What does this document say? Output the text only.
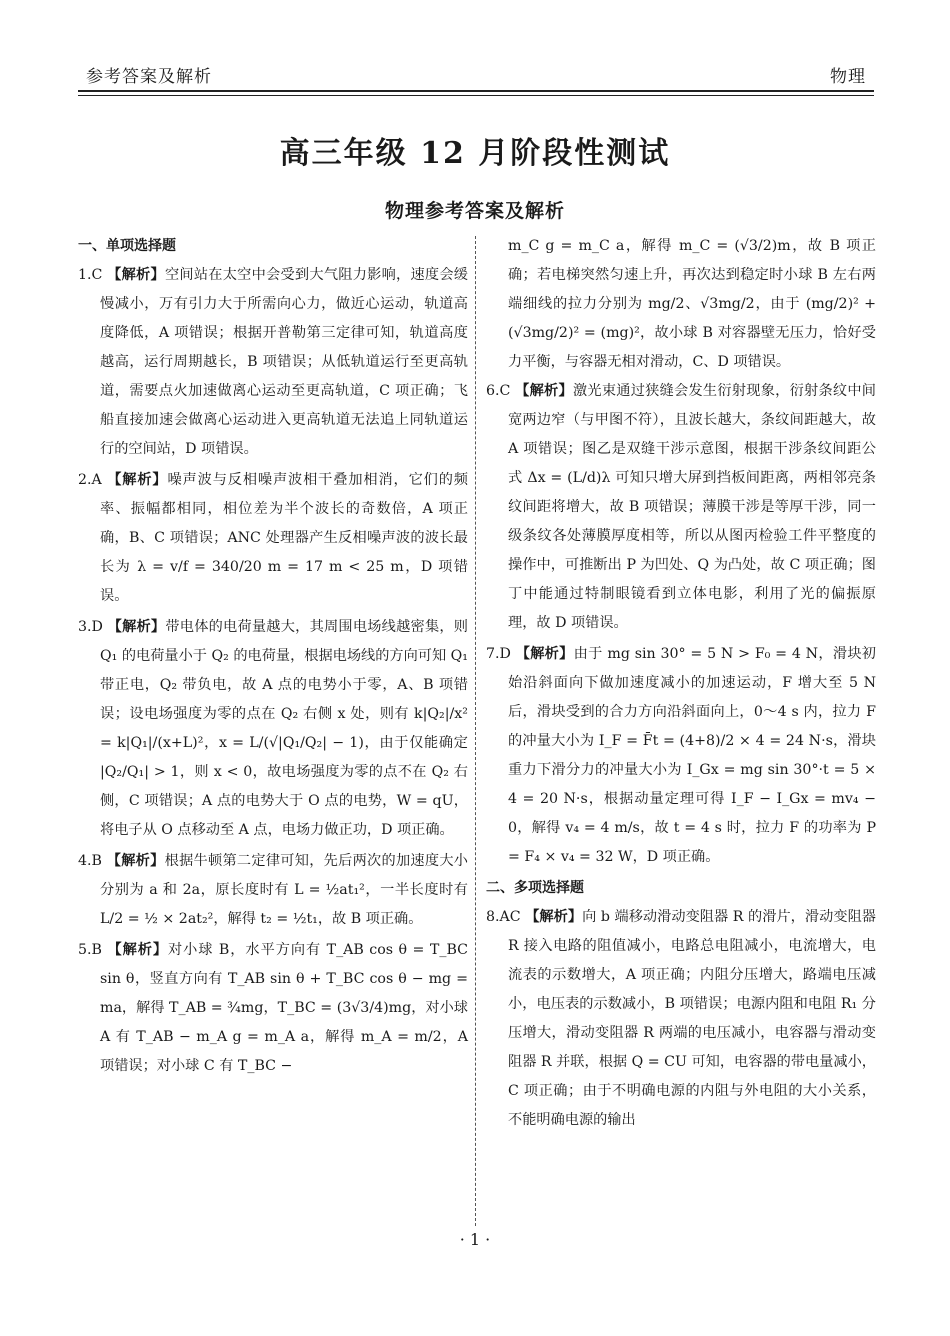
参考答案及解析	物理
高三年级 12 月阶段性测试
物理参考答案及解析
一、单项选择题
1.C 【解析】空间站在太空中会受到大气阻力影响，速度会缓慢减小，万有引力大于所需向心力，做近心运动，轨道高度降低，A 项错误；根据开普勒第三定律可知，轨道高度越高，运行周期越长，B 项错误；从低轨道运行至更高轨道，需要点火加速做离心运动至更高轨道，C 项正确；飞船直接加速会做离心运动进入更高轨道无法追上同轨道运行的空间站，D 项错误。
2.A 【解析】噪声波与反相噪声波相干叠加相消，它们的频率、振幅都相同，相位差为半个波长的奇数倍，A 项正确，B、C 项错误；ANC 处理器产生反相噪声波的波长最长为 λ = v/f = 340/20 m = 17 m < 25 m，D 项错误。
3.D 【解析】带电体的电荷量越大，其周围电场线越密集，则 Q₁ 的电荷量小于 Q₂ 的电荷量，根据电场线的方向可知 Q₁ 带正电，Q₂ 带负电，故 A 点的电势小于零，A、B 项错误；设电场强度为零的点在 Q₂ 右侧 x 处，则有 k|Q₂|/x² = k|Q₁|/(x+L)²，x = L/(√|Q₁/Q₂| − 1)，由于仅能确定 |Q₂/Q₁| > 1，则 x < 0，故电场强度为零的点不在 Q₂ 右侧，C 项错误；A 点的电势大于 O 点的电势，W = qU，将电子从 O 点移动至 A 点，电场力做正功，D 项正确。
4.B 【解析】根据牛顿第二定律可知，先后两次的加速度大小分别为 a 和 2a，原长度时有 L = ½at₁²，一半长度时有 L/2 = ½ × 2at₂²，解得 t₂ = ½t₁，故 B 项正确。
5.B 【解析】对小球 B，水平方向有 T_AB cos θ = T_BC sin θ，竖直方向有 T_AB sin θ + T_BC cos θ − mg = ma，解得 T_AB = ¾mg，T_BC = (3√3/4)mg，对小球 A 有 T_AB − m_A g = m_A a，解得 m_A = m/2，A 项错误；对小球 C 有 T_BC −
m_C g = m_C a，解得 m_C = (√3/2)m，故 B 项正确；若电梯突然匀速上升，再次达到稳定时小球 B 左右两端细线的拉力分别为 mg/2、√3mg/2，由于 (mg/2)² + (√3mg/2)² = (mg)²，故小球 B 对容器壁无压力，恰好受力平衡，与容器无相对滑动，C、D 项错误。
6.C 【解析】激光束通过狭缝会发生衍射现象，衍射条纹中间宽两边窄（与甲图不符），且波长越大，条纹间距越大，故 A 项错误；图乙是双缝干涉示意图，根据干涉条纹间距公式 Δx = (L/d)λ 可知只增大屏到挡板间距离，两相邻亮条纹间距将增大，故 B 项错误；薄膜干涉是等厚干涉，同一级条纹各处薄膜厚度相等，所以从图丙检验工件平整度的操作中，可推断出 P 为凹处、Q 为凸处，故 C 项正确；图丁中能通过特制眼镜看到立体电影，利用了光的偏振原理，故 D 项错误。
7.D 【解析】由于 mg sin 30° = 5 N > F₀ = 4 N，滑块初始沿斜面向下做加速度减小的加速运动，F 增大至 5 N 后，滑块受到的合力方向沿斜面向上，0～4 s 内，拉力 F 的冲量大小为 I_F = F̄t = (4+8)/2 × 4 = 24 N·s，滑块重力下滑分力的冲量大小为 I_Gx = mg sin 30°·t = 5 × 4 = 20 N·s，根据动量定理可得 I_F − I_Gx = mv₄ − 0，解得 v₄ = 4 m/s，故 t = 4 s 时，拉力 F 的功率为 P = F₄ × v₄ = 32 W，D 项正确。
二、多项选择题
8.AC 【解析】向 b 端移动滑动变阻器 R 的滑片，滑动变阻器 R 接入电路的阻值减小，电路总电阻减小，电流增大，电流表的示数增大，A 项正确；内阻分压增大，路端电压减小，电压表的示数减小，B 项错误；电源内阻和电阻 R₁ 分压增大，滑动变阻器 R 两端的电压减小，电容器与滑动变阻器 R 并联，根据 Q = CU 可知，电容器的带电量减小，C 项正确；由于不明确电源的内阻与外电阻的大小关系，不能明确电源的输出
· 1 ·
